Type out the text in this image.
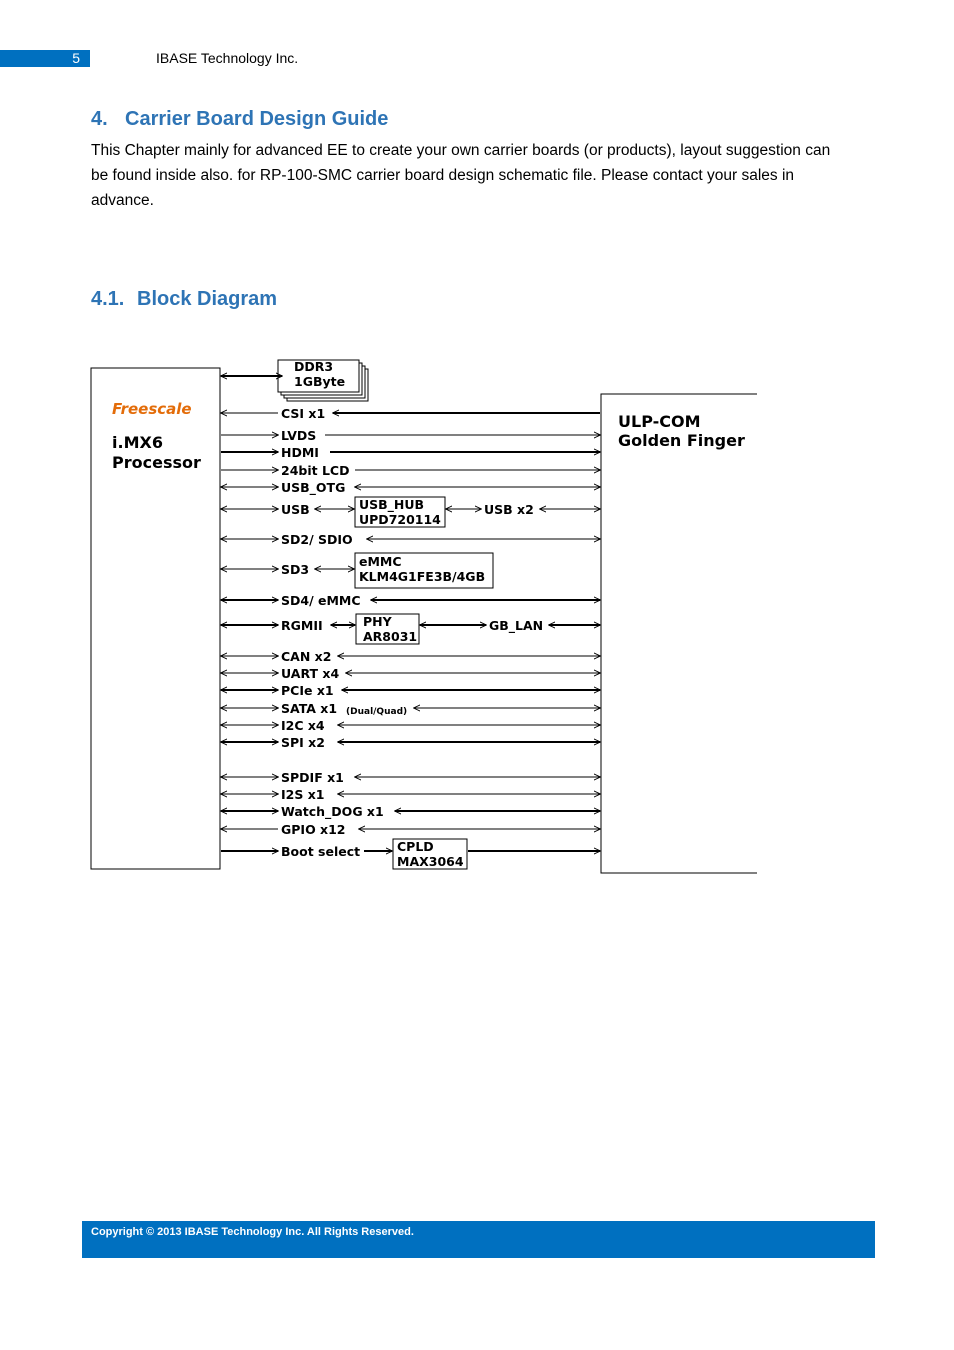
5	IBASE Technology Inc.
4. Carrier Board Design Guide
This Chapter mainly for advanced EE to create your own carrier boards (or products), layout suggestion can be found inside also. for RP-100-SMC carrier board design schematic file. Please contact your sales in advance.
4.1. Block Diagram
Freescale
i.MX6
Processor
ULP-COM
Golden Finger
DDR3
1GByte
USB_HUB
UPD720114
eMMC
KLM4G1FE3B/4GB
PHY
AR8031
CPLD
MAX3064
CSI x1
LVDS
HDMI
24bit LCD
USB_OTG
USB	USB x2
SD2/ SDIO
SD3
SD4/ eMMC
RGMII	GB_LAN
CAN x2
UART x4
PCIe x1
SATA x1 (Dual/Quad)
I2C x4
SPI x2
SPDIF x1
I2S x1
Watch_DOG x1
GPIO x12
Boot select
Copyright © 2013 IBASE Technology Inc. All Rights Reserved.
